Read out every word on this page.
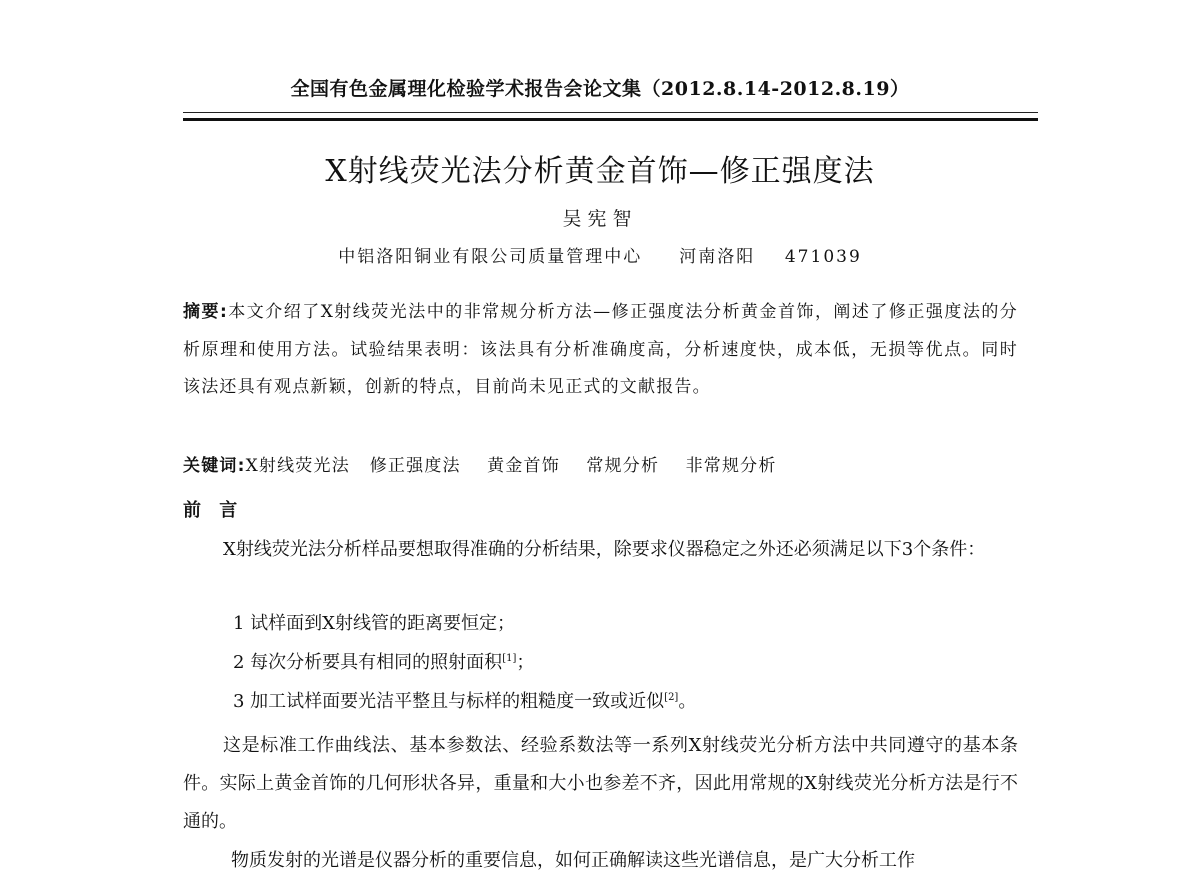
全国有色金属理化检验学术报告会论文集（2012.8.14-2012.8.19）
X射线荧光法分析黄金首饰—修正强度法
吴宪智
中铝洛阳铜业有限公司质量管理中心     河南洛阳    471039
摘要:本文介绍了X射线荧光法中的非常规分析方法—修正强度法分析黄金首饰，阐述了修正强度法的分析原理和使用方法。试验结果表明：该法具有分析准确度高，分析速度快，成本低，无损等优点。同时该法还具有观点新颖，创新的特点，目前尚未见正式的文献报告。
关键词:X射线荧光法   修正强度法    黄金首饰    常规分析    非常规分析
前 言
X射线荧光法分析样品要想取得准确的分析结果，除要求仪器稳定之外还必须满足以下3个条件：
1 试样面到X射线管的距离要恒定；
2 每次分析要具有相同的照射面积[1]；
3 加工试样面要光洁平整且与标样的粗糙度一致或近似[2]。
这是标准工作曲线法、基本参数法、经验系数法等一系列X射线荧光分析方法中共同遵守的基本条件。实际上黄金首饰的几何形状各异，重量和大小也参差不齐，因此用常规的X射线荧光分析方法是行不通的。
物质发射的光谱是仪器分析的重要信息，如何正确解读这些光谱信息，是广大分析工作
